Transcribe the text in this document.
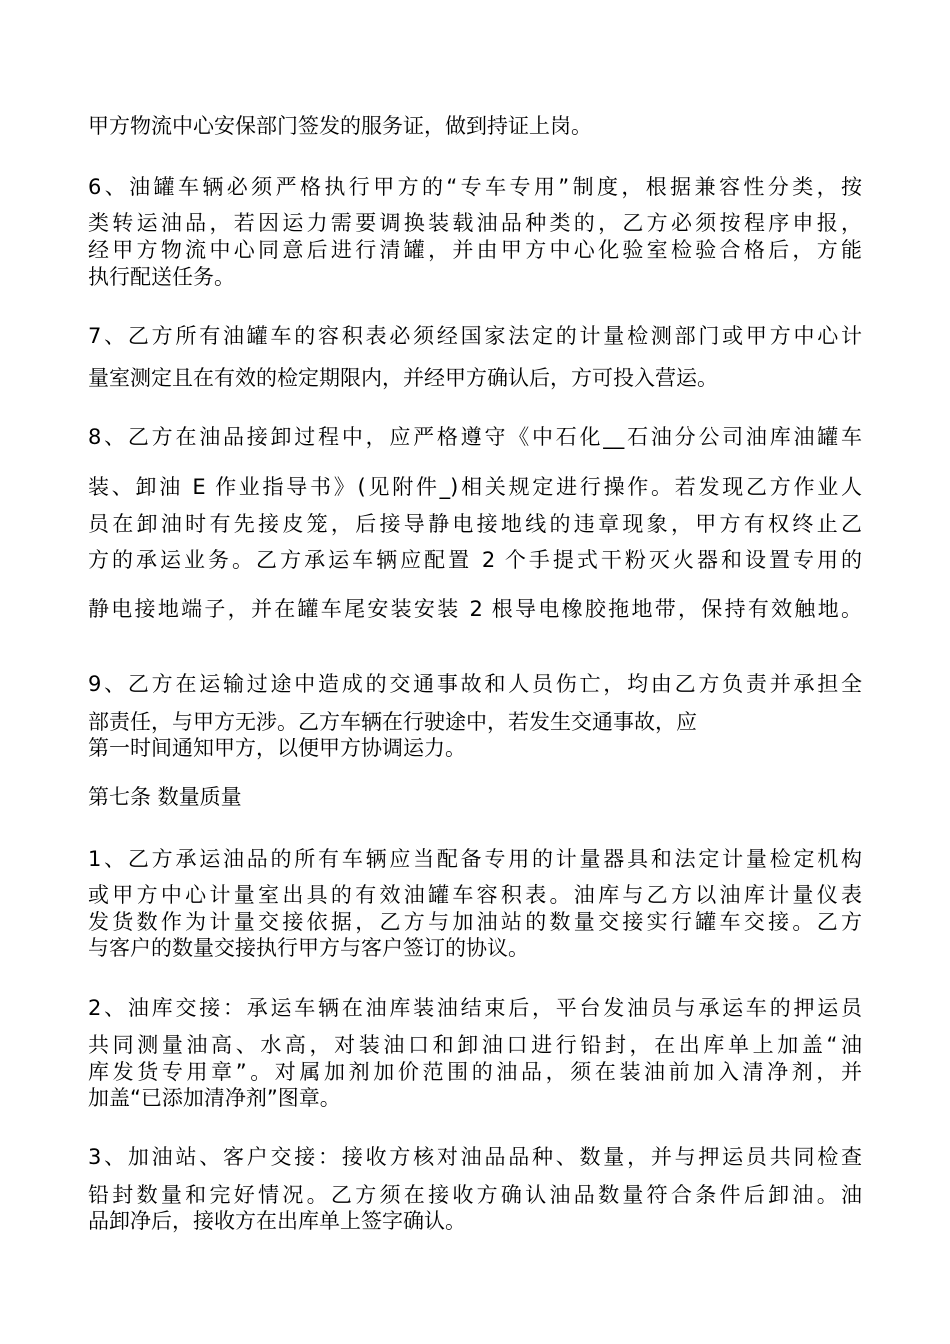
甲方物流中心安保部门签发的服务证，做到持证上岗。
6、油罐车辆必须严格执行甲方的“专车专用”制度，根据兼容性分类，按
类转运油品，若因运力需要调换装载油品种类的，乙方必须按程序申报，
经甲方物流中心同意后进行清罐，并由甲方中心化验室检验合格后，方能
执行配送任务。
7、乙方所有油罐车的容积表必须经国家法定的计量检测部门或甲方中心计
量室测定且在有效的检定期限内，并经甲方确认后，方可投入营运。
8、乙方在油品接卸过程中，应严格遵守《中石化__石油分公司油库油罐车
装、卸油 E 作业指导书》(见附件_)相关规定进行操作。若发现乙方作业人
员在卸油时有先接皮笼，后接导静电接地线的违章现象，甲方有权终止乙
方的承运业务。乙方承运车辆应配置 2 个手提式干粉灭火器和设置专用的
静电接地端子，并在罐车尾安装安装 2 根导电橡胶拖地带，保持有效触地。
9、乙方在运输过途中造成的交通事故和人员伤亡，均由乙方负责并承担全
部责任，与甲方无涉。乙方车辆在行驶途中，若发生交通事故，应
第一时间通知甲方，以便甲方协调运力。
第七条 数量质量
1、乙方承运油品的所有车辆应当配备专用的计量器具和法定计量检定机构
或甲方中心计量室出具的有效油罐车容积表。油库与乙方以油库计量仪表
发货数作为计量交接依据，乙方与加油站的数量交接实行罐车交接。乙方
与客户的数量交接执行甲方与客户签订的协议。
2、油库交接：承运车辆在油库装油结束后，平台发油员与承运车的押运员
共同测量油高、水高，对装油口和卸油口进行铅封，在出库单上加盖“油
库发货专用章”。对属加剂加价范围的油品，须在装油前加入清净剂，并
加盖“已添加清净剂”图章。
3、加油站、客户交接：接收方核对油品品种、数量，并与押运员共同检查
铅封数量和完好情况。乙方须在接收方确认油品数量符合条件后卸油。油
品卸净后，接收方在出库单上签字确认。
